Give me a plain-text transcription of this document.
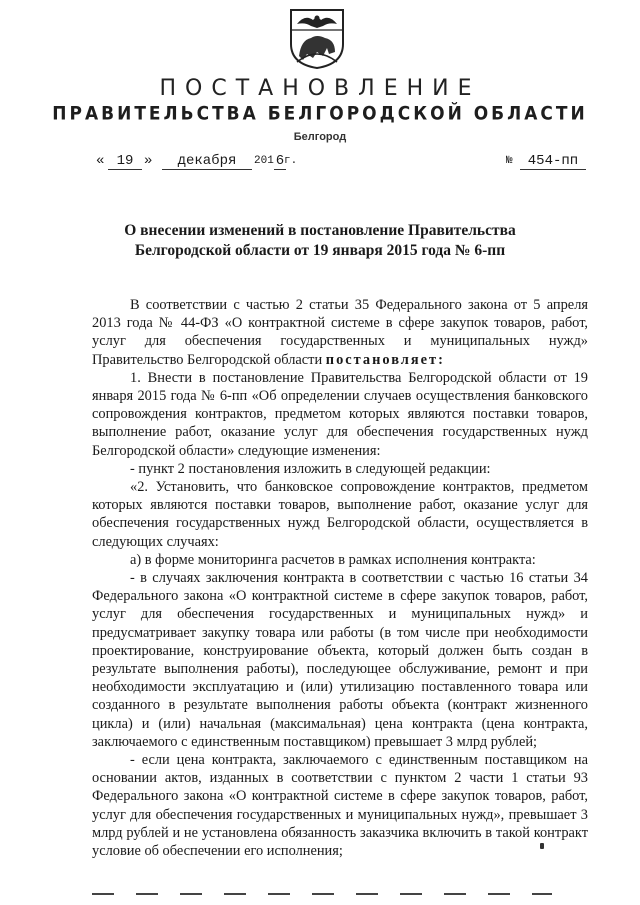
ПОСТАНОВЛЕНИЕ
ПРАВИТЕЛЬСТВА БЕЛГОРОДСКОЙ ОБЛАСТИ
Белгород
« 19 »	декабря	201 6 г.	№	454-пп
О внесении изменений в постановление Правительства
Белгородской области от 19 января 2015 года № 6-пп

В соответствии с частью 2 статьи 35 Федерального закона от 5 апреля 2013 года № 44-ФЗ «О контрактной системе в сфере закупок товаров, работ, услуг для обеспечения государственных и муниципальных нужд» Правительство Белгородской области постановляет:

1. Внести в постановление Правительства Белгородской области от 19 января 2015 года № 6-пп «Об определении случаев осуществления банковского сопровождения контрактов, предметом которых являются поставки товаров, выполнение работ, оказание услуг для обеспечения государственных нужд Белгородской области» следующие изменения:

- пункт 2 постановления изложить в следующей редакции:

«2. Установить, что банковское сопровождение контрактов, предметом которых являются поставки товаров, выполнение работ, оказание услуг для обеспечения государственных нужд Белгородской области, осуществляется в следующих случаях:

а) в форме мониторинга расчетов в рамках исполнения контракта:

- в случаях заключения контракта в соответствии с частью 16 статьи 34 Федерального закона «О контрактной системе в сфере закупок товаров, работ, услуг для обеспечения государственных и муниципальных нужд» и предусматривает закупку товара или работы (в том числе при необходимости проектирование, конструирование объекта, который должен быть создан в результате выполнения работы), последующее обслуживание, ремонт и при необходимости эксплуатацию и (или) утилизацию поставленного товара или созданного в результате выполнения работы объекта (контракт жизненного цикла) и (или) начальная (максимальная) цена контракта (цена контракта, заключаемого с единственным поставщиком) превышает 3 млрд рублей;

- если цена контракта, заключаемого с единственным поставщиком на основании актов, изданных в соответствии с пунктом 2 части 1 статьи 93 Федерального закона «О контрактной системе в сфере закупок товаров, работ, услуг для обеспечения государственных и муниципальных нужд», превышает 3 млрд рублей и не установлена обязанность заказчика включить в такой контракт условие об обеспечении его исполнения;
